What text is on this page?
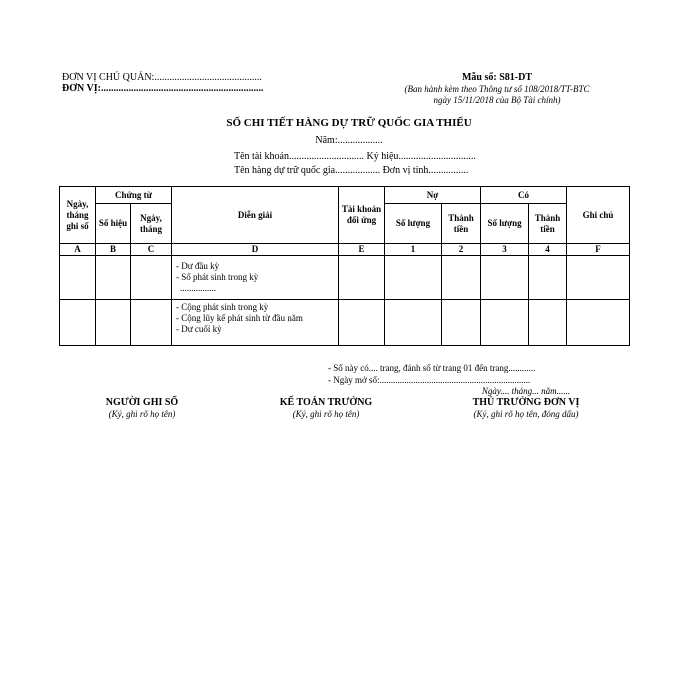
ĐƠN VỊ CHỦ QUẢN:...........................................
ĐƠN VỊ:.................................................................
Mẫu số: S81-DT
(Ban hành kèm theo Thông tư số 108/2018/TT-BTC
ngày 15/11/2018 của Bộ Tài chính)
SỔ CHI TIẾT HÀNG DỰ TRỮ QUỐC GIA THIẾU
Năm:..................
Tên tài khoản.............................. Ký hiệu...............................
Tên hàng dự trữ quốc gia.................. Đơn vị tính................
Ngày, tháng ghi số	Chứng từ		Diễn giải	Tài khoản đối ứng	Nợ		Có		Ghi chú
	Số hiệu	Ngày, tháng			Số lượng	Thành tiền	Số lượng	Thành tiền	
A	B	C	D	E	1	2	3	4	F

			- Dư đầu kỳ
- Số phát sinh trong kỳ
................						

			- Cộng phát sinh trong kỳ
- Cộng lũy kế phát sinh từ đầu năm
- Dư cuối kỳ						

- Sổ này có.... trang, đánh số từ trang 01 đến trang............
- Ngày mở sổ:...................................................................
Ngày.... tháng... năm......
NGƯỜI GHI SỔ
(Ký, ghi rõ họ tên)
KẾ TOÁN TRƯỞNG
(Ký, ghi rõ họ tên)
THỦ TRƯỞNG ĐƠN VỊ
(Ký, ghi rõ họ tên, đóng dấu)
